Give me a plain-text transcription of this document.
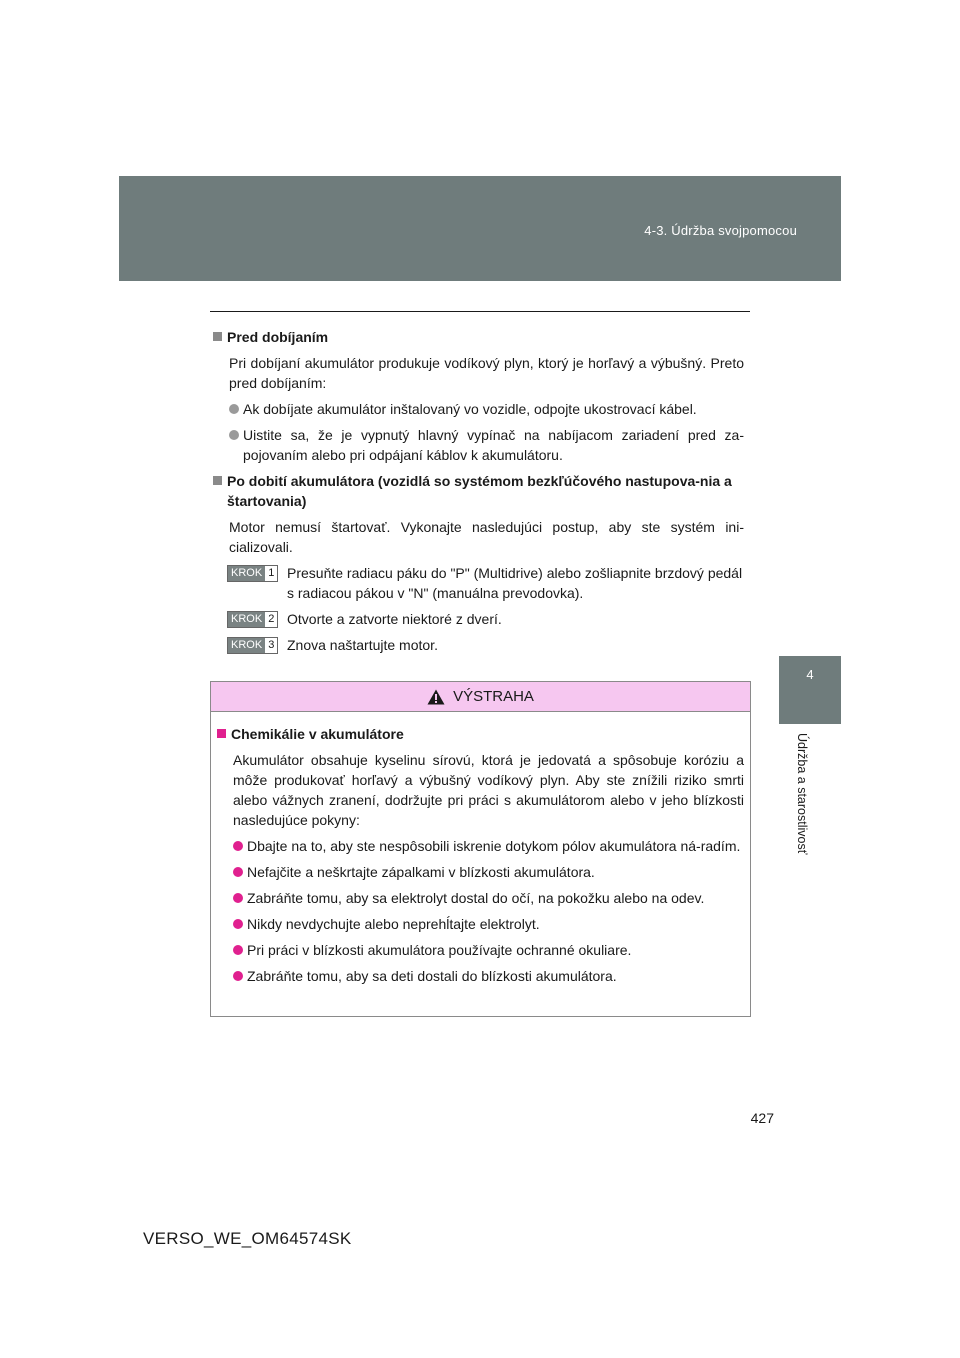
4-3. Údržba svojpomocou
4
Údržba a starostlivosť
Pred dobíjaním

Pri dobíjaní akumulátor produkuje vodíkový plyn, ktorý je horľavý a výbušný. Preto pred dobíjaním:

Ak dobíjate akumulátor inštalovaný vo vozidle, odpojte ukostrovací kábel.
Uistite sa, že je vypnutý hlavný vypínač na nabíjacom zariadení pred za-pojovaním alebo pri odpájaní káblov k akumulátoru.
Po dobití akumulátora (vozidlá so systémom bezkľúčového nastupova-nia a štartovania)

Motor nemusí štartovať. Vykonajte nasledujúci postup, aby ste systém ini-cializovali.

KROK 1 Presuňte radiacu páku do "P" (Multidrive) alebo zošliapnite brzdový pedál s radiacou pákou v "N" (manuálna prevodovka).
KROK 2 Otvorte a zatvorte niektoré z dverí.
KROK 3 Znova naštartujte motor.
VÝSTRAHA
Chemikálie v akumulátore

Akumulátor obsahuje kyselinu sírovú, ktorá je jedovatá a spôsobuje koróziu a môže produkovať horľavý a výbušný vodíkový plyn. Aby ste znížili riziko smrti alebo vážnych zranení, dodržujte pri práci s akumulátorom alebo v jeho blízkosti nasledujúce pokyny:

Dbajte na to, aby ste nespôsobili iskrenie dotykom pólov akumulátora ná-radím.
Nefajčite a neškrtajte zápalkami v blízkosti akumulátora.
Zabráňte tomu, aby sa elektrolyt dostal do očí, na pokožku alebo na odev.
Nikdy nevdychujte alebo neprehĺtajte elektrolyt.
Pri práci v blízkosti akumulátora používajte ochranné okuliare.
Zabráňte tomu, aby sa deti dostali do blízkosti akumulátora.
427
VERSO_WE_OM64574SK
